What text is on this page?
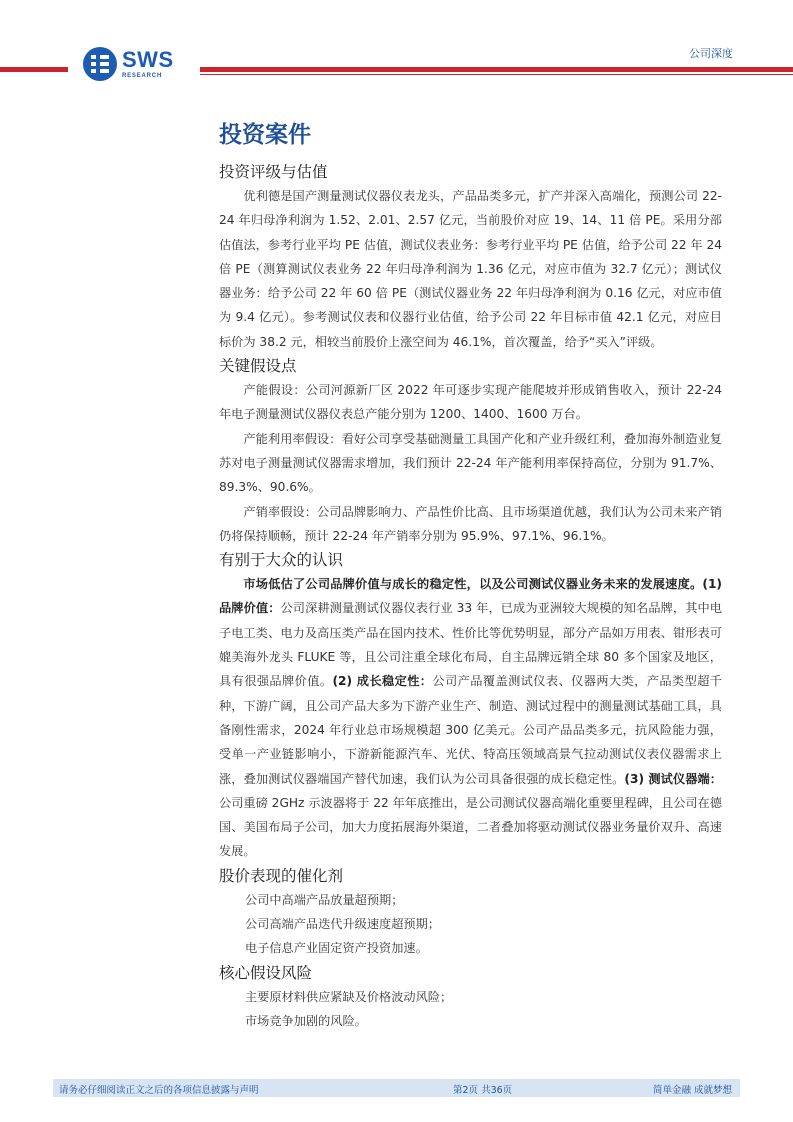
SWS
RESEARCH
公司深度
投资案件
投资评级与估值

优利德是国产测量测试仪器仪表龙头，产品品类多元，扩产并深入高端化，预测公司 22-24 年归母净利润为 1.52、2.01、2.57 亿元，当前股价对应 19、14、11 倍 PE。采用分部估值法，参考行业平均 PE 估值，测试仪表业务：参考行业平均 PE 估值，给予公司 22 年 24 倍 PE（测算测试仪表业务 22 年归母净利润为 1.36 亿元，对应市值为 32.7 亿元）；测试仪器业务：给予公司 22 年 60 倍 PE（测试仪器业务 22 年归母净利润为 0.16 亿元，对应市值为 9.4 亿元）。参考测试仪表和仪器行业估值，给予公司 22 年目标市值 42.1 亿元，对应目标价为 38.2 元，相较当前股价上涨空间为 46.1%，首次覆盖，给予“买入”评级。

关键假设点

产能假设：公司河源新厂区 2022 年可逐步实现产能爬坡并形成销售收入，预计 22-24 年电子测量测试仪器仪表总产能分别为 1200、1400、1600 万台。

产能利用率假设：看好公司享受基础测量工具国产化和产业升级红利，叠加海外制造业复苏对电子测量测试仪器需求增加，我们预计 22-24 年产能利用率保持高位，分别为 91.7%、89.3%、90.6%。

产销率假设：公司品牌影响力、产品性价比高、且市场渠道优越，我们认为公司未来产销仍将保持顺畅，预计 22-24 年产销率分别为 95.9%、97.1%、96.1%。

有别于大众的认识

市场低估了公司品牌价值与成长的稳定性，以及公司测试仪器业务未来的发展速度。(1) 品牌价值：公司深耕测量测试仪器仪表行业 33 年，已成为亚洲较大规模的知名品牌，其中电子电工类、电力及高压类产品在国内技术、性价比等优势明显，部分产品如万用表、钳形表可媲美海外龙头 FLUKE 等，且公司注重全球化布局，自主品牌远销全球 80 多个国家及地区，具有很强品牌价值。(2) 成长稳定性：公司产品覆盖测试仪表、仪器两大类，产品类型超千种，下游广阔，且公司产品大多为下游产业生产、制造、测试过程中的测量测试基础工具，具备刚性需求，2024 年行业总市场规模超 300 亿美元。公司产品品类多元，抗风险能力强，受单一产业链影响小，下游新能源汽车、光伏、特高压领域高景气拉动测试仪表仪器需求上涨，叠加测试仪器端国产替代加速，我们认为公司具备很强的成长稳定性。(3) 测试仪器端：公司重磅 2GHz 示波器将于 22 年年底推出，是公司测试仪器高端化重要里程碑，且公司在德国、美国布局子公司，加大力度拓展海外渠道，二者叠加将驱动测试仪器业务量价双升、高速发展。

股价表现的催化剂

公司中高端产品放量超预期；

公司高端产品迭代升级速度超预期；

电子信息产业固定资产投资加速。

核心假设风险

主要原材料供应紧缺及价格波动风险；

市场竞争加剧的风险。

请务必仔细阅读正文之后的各项信息披露与声明	第2页 共36页	简单金融 成就梦想
